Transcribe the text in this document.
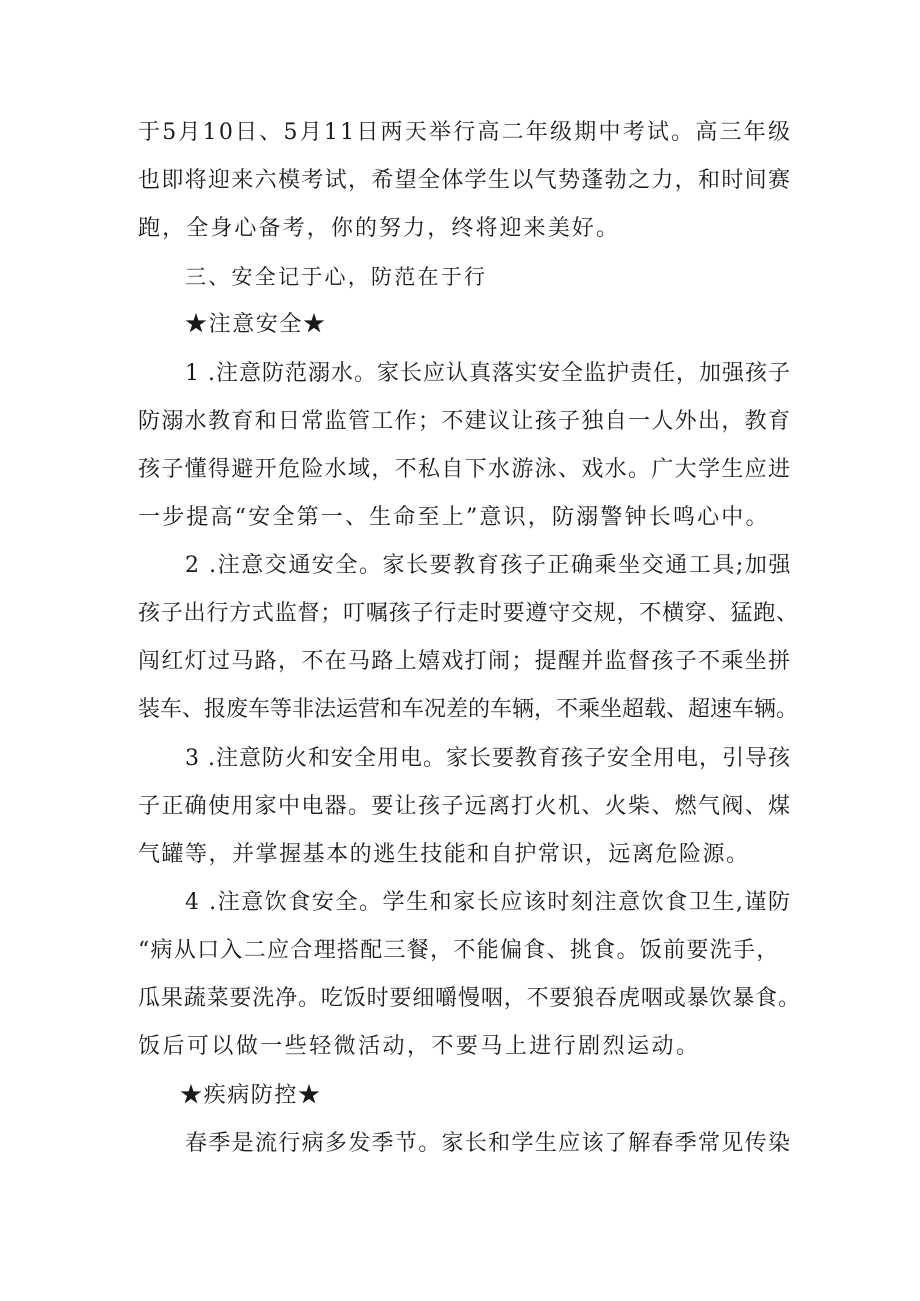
于5月10日、5月11日两天举行高二年级期中考试。高三年级
也即将迎来六模考试，希望全体学生以气势蓬勃之力，和时间赛
跑，全身心备考，你的努力，终将迎来美好。
三、安全记于心，防范在于行
★注意安全★
1 .注意防范溺水。家长应认真落实安全监护责任，加强孩子
防溺水教育和日常监管工作；不建议让孩子独自一人外出，教育
孩子懂得避开危险水域，不私自下水游泳、戏水。广大学生应进
一步提高“安全第一、生命至上”意识，防溺警钟长鸣心中。
2 .注意交通安全。家长要教育孩子正确乘坐交通工具;加强
孩子出行方式监督；叮嘱孩子行走时要遵守交规，不横穿、猛跑、
闯红灯过马路，不在马路上嬉戏打闹；提醒并监督孩子不乘坐拼
装车、报废车等非法运营和车况差的车辆，不乘坐超载、超速车辆。
3 .注意防火和安全用电。家长要教育孩子安全用电，引导孩
子正确使用家中电器。要让孩子远离打火机、火柴、燃气阀、煤
气罐等，并掌握基本的逃生技能和自护常识，远离危险源。
4 .注意饮食安全。学生和家长应该时刻注意饮食卫生,谨防
“病从口入二应合理搭配三餐，不能偏食、挑食。饭前要洗手，
瓜果蔬菜要洗净。吃饭时要细嚼慢咽，不要狼吞虎咽或暴饮暴食。
饭后可以做一些轻微活动，不要马上进行剧烈运动。
★疾病防控★
春季是流行病多发季节。家长和学生应该了解春季常见传染
